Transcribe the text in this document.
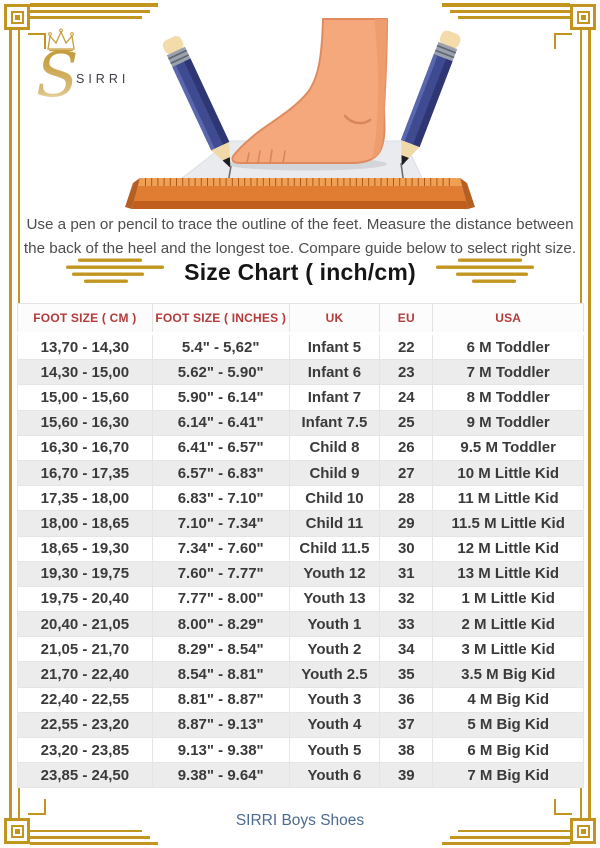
S
SIRRI
Use a pen or pencil to trace the outline of the feet. Measure the distance between
the back of the heel and the longest toe. Compare guide below to select right size.
Size Chart ( inch/cm)
FOOT SIZE ( CM )	FOOT SIZE ( INCHES )	UK	EU	USA
13,70 - 14,30	5.4" - 5,62"	Infant 5	22	6 M Toddler
14,30 - 15,00	5.62" - 5.90"	Infant 6	23	7 M Toddler
15,00 - 15,60	5.90" - 6.14"	Infant 7	24	8 M Toddler
15,60 - 16,30	6.14" - 6.41"	Infant 7.5	25	9 M Toddler
16,30 - 16,70	6.41" - 6.57"	Child 8	26	9.5 M Toddler
16,70 - 17,35	6.57" - 6.83"	Child 9	27	10 M Little Kid
17,35 - 18,00	6.83" - 7.10"	Child 10	28	11 M Little Kid
18,00 - 18,65	7.10" - 7.34"	Child 11	29	11.5 M Little Kid
18,65 - 19,30	7.34" - 7.60"	Child 11.5	30	12 M Little Kid
19,30 - 19,75	7.60" - 7.77"	Youth 12	31	13 M Little Kid
19,75 - 20,40	7.77" - 8.00"	Youth 13	32	1 M Little Kid
20,40 - 21,05	8.00" - 8.29"	Youth 1	33	2 M Little Kid
21,05 - 21,70	8.29" - 8.54"	Youth 2	34	3 M Little Kid
21,70 - 22,40	8.54" - 8.81"	Youth 2.5	35	3.5 M Big Kid
22,40 - 22,55	8.81" - 8.87"	Youth 3	36	4 M Big Kid
22,55 - 23,20	8.87" - 9.13"	Youth 4	37	5 M Big Kid
23,20 - 23,85	9.13" - 9.38"	Youth 5	38	6 M Big Kid
23,85 - 24,50	9.38" - 9.64"	Youth 6	39	7 M Big Kid
SIRRI Boys Shoes
